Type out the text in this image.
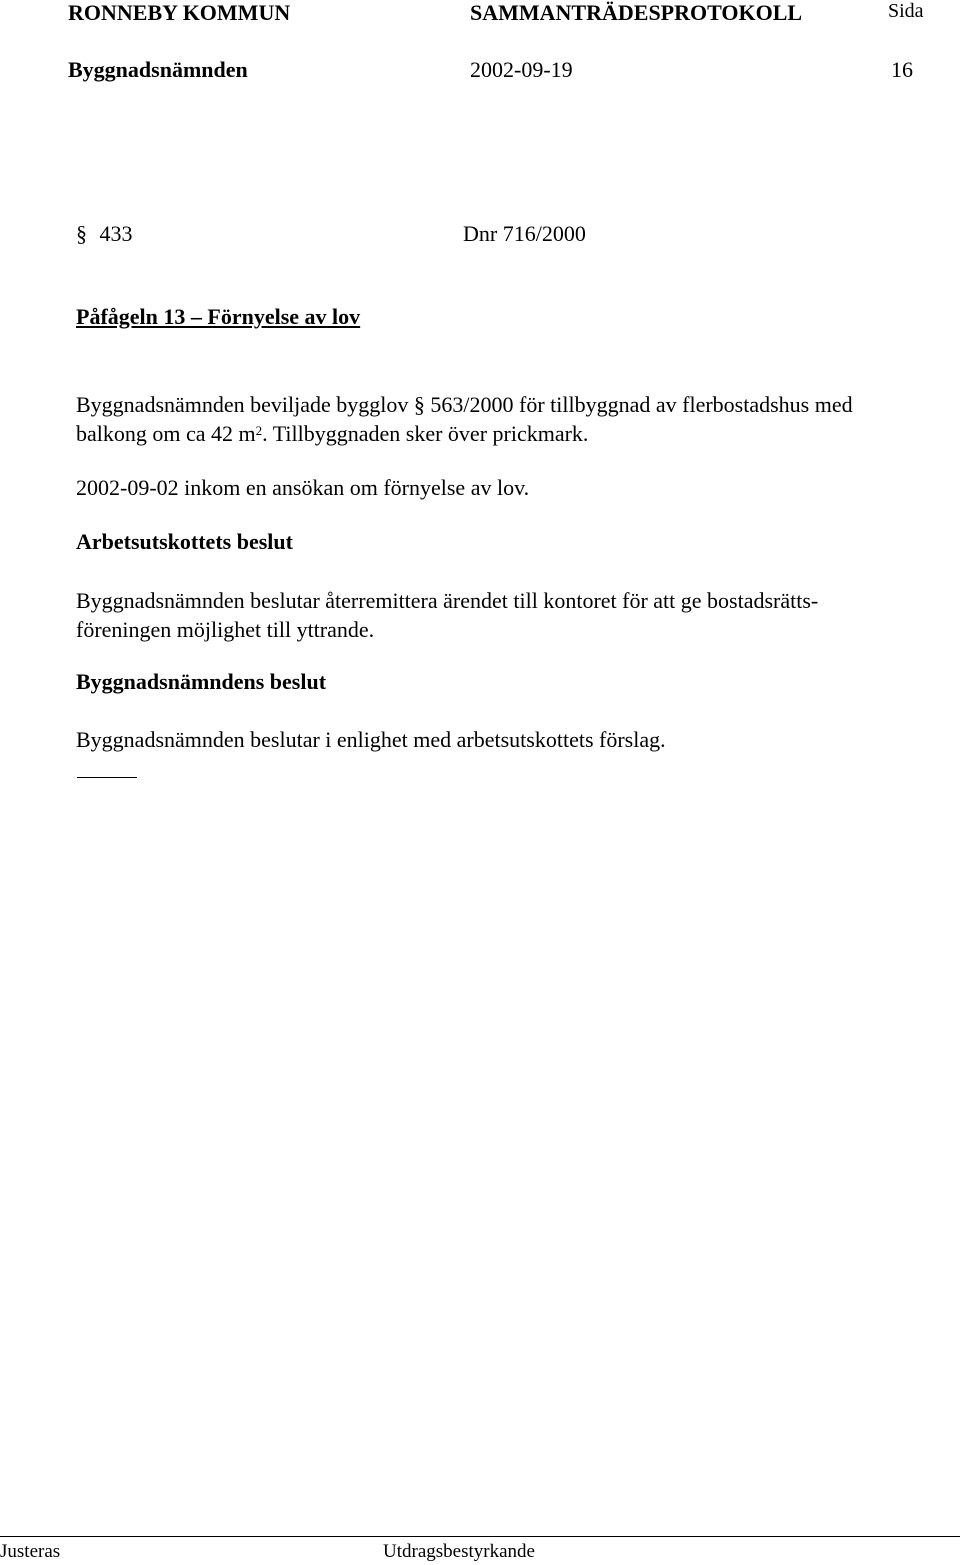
RONNEBY KOMMUN	SAMMANTRÄDESPROTOKOLL	Sida
Byggnadsnämnden	2002-09-19	16
§ 433	Dnr 716/2000
Påfågeln 13 – Förnyelse av lov
Byggnadsnämnden beviljade bygglov § 563/2000 för tillbyggnad av flerbostadshus med
balkong om ca 42 $m^2$. Tillbyggnaden sker över prickmark.
2002-09-02 inkom en ansökan om förnyelse av lov.
Arbetsutskottets beslut
Byggnadsnämnden beslutar återremittera ärendet till kontoret för att ge bostadsrätts-
föreningen möjlighet till yttrande.
Byggnadsnämndens beslut
Byggnadsnämnden beslutar i enlighet med arbetsutskottets förslag.
Justeras	Utdragsbestyrkande
